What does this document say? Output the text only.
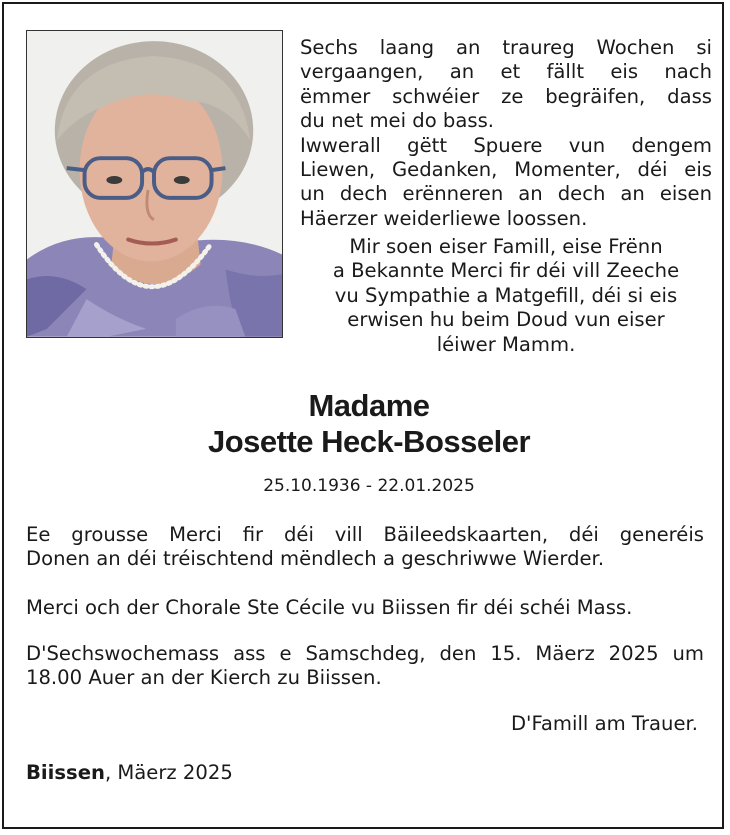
Sechs laang an traureg Wochen si

vergaangen, an et fällt eis nach

ëmmer schwéier ze begräifen, dass

du net mei do bass.

Iwwerall gëtt Spuere vun dengem

Liewen, Gedanken, Momenter, déi eis

un dech erënneren an dech an eisen

Häerzer weiderliewe loossen.

Mir soen eiser Famill, eise Frënn

a Bekannte Merci fir déi vill Zeeche

vu Sympathie a Matgefill, déi si eis

erwisen hu beim Doud vun eiser

léiwer Mamm.

Madame
Josette Heck-Bosseler
25.10.1936 - 22.01.2025

Ee grousse Merci fir déi vill Bäileedskaarten, déi generéis

Donen an déi tréischtend mëndlech a geschriwwe Wierder.

Merci och der Chorale Ste Cécile vu Biissen fir déi schéi Mass.

D'Sechswochemass ass e Samschdeg, den 15. Mäerz 2025 um

18.00 Auer an der Kierch zu Biissen.

D'Famill am Trauer.
Biissen, Mäerz 2025
